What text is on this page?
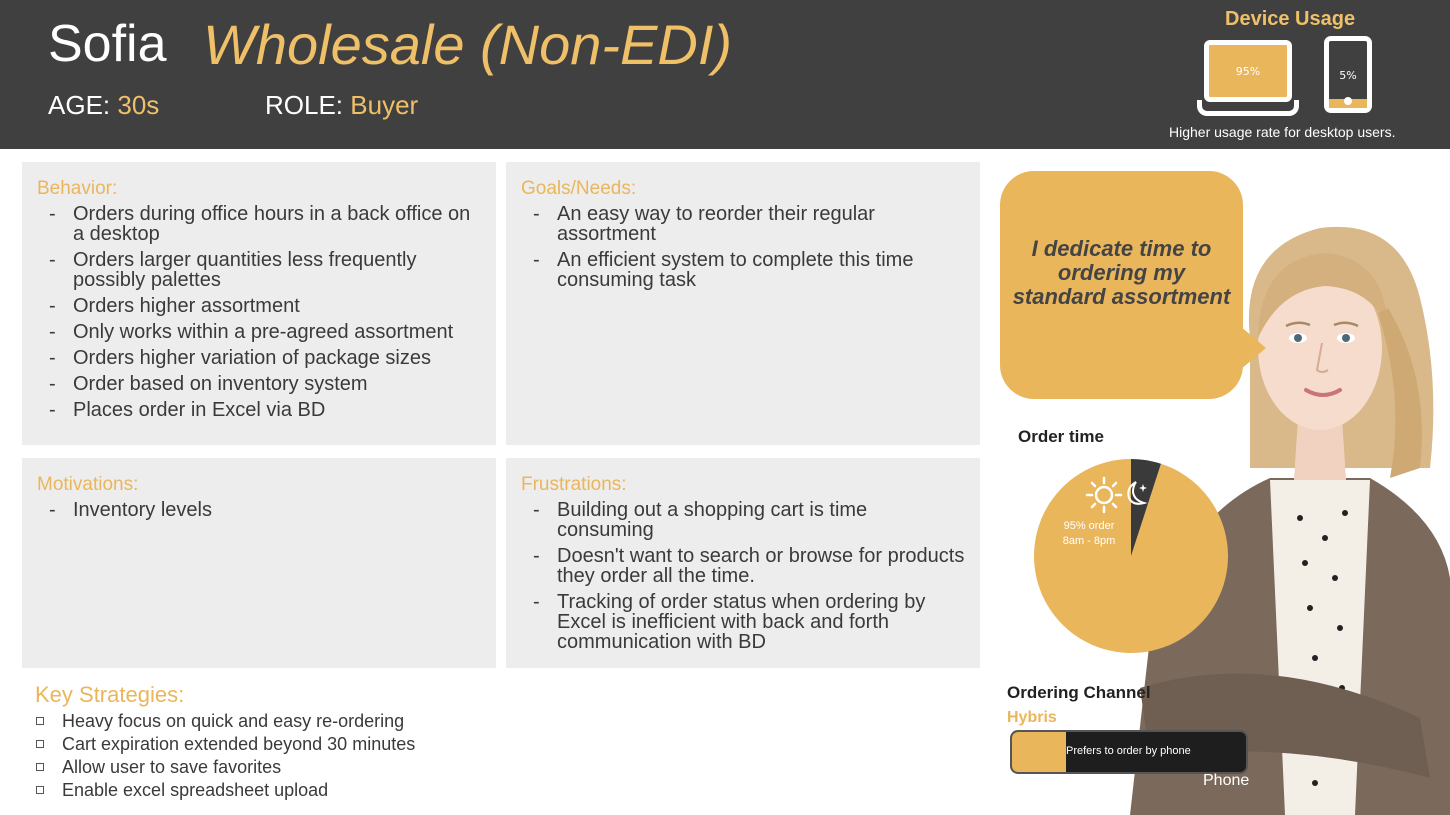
Sofia Wholesale (Non-EDI)
AGE: 30s	ROLE: Buyer
Device Usage
95%	5%
Higher usage rate for desktop users.
Behavior:
- Orders during office hours in a back office on a desktop
- Orders larger quantities less frequently possibly palettes
- Orders higher assortment
- Only works within a pre-agreed assortment
- Orders higher variation of package sizes
- Order based on inventory system
- Places order in Excel via BD
Goals/Needs:
- An easy way to reorder their regular assortment
- An efficient system to complete this time consuming task
Motivations:
- Inventory levels
Frustrations:
- Building out a shopping cart is time consuming
- Doesn't want to search or browse for products they order all the time.
- Tracking of order status when ordering by Excel is inefficient with back and forth communication with BD
Key Strategies:
Heavy focus on quick and easy re-ordering
Cart expiration extended beyond 30 minutes
Allow user to save favorites
Enable excel spreadsheet upload
I dedicate time to ordering my standard assortment
Order time
95% order
8am - 8pm
Ordering Channel
Hybris
Prefers to order by phone
Phone
